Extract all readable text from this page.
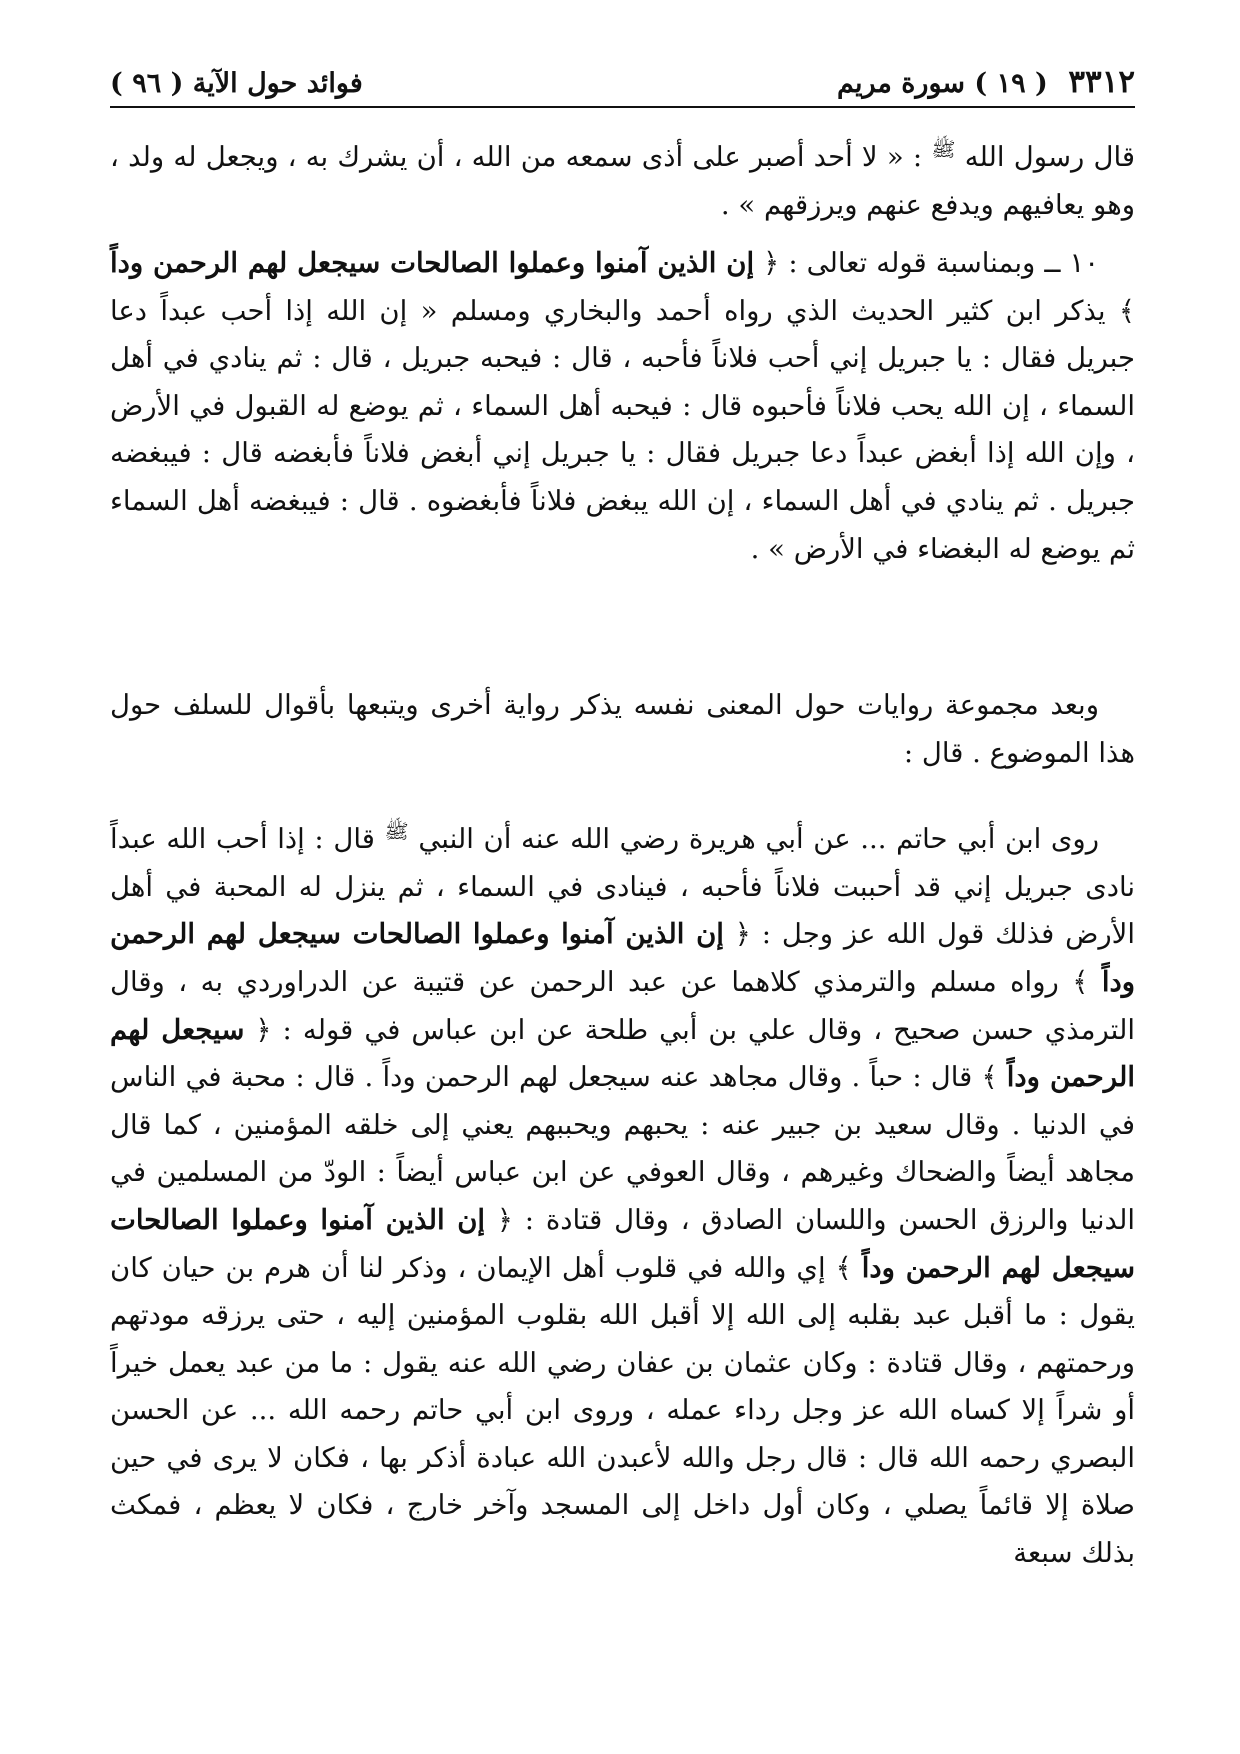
٣٣١٢ ( ١٩ ) سورة مريم
فوائد حول الآية ( ٩٦ )

قال رسول الله $^ﷺ$ : « لا أحد أصبر على أذى سمعه من الله ، أن يشرك به ، ويجعل له ولد ، وهو يعافيهم ويدفع عنهم ويرزقهم » .

١٠ ــ وبمناسبة قوله تعالى : ﴿ إن الذين آمنوا وعملوا الصالحات سيجعل لهم الرحمن وداً ﴾ يذكر ابن كثير الحديث الذي رواه أحمد والبخاري ومسلم « إن الله إذا أحب عبداً دعا جبريل فقال : يا جبريل إني أحب فلاناً فأحبه ، قال : فيحبه جبريل ، قال : ثم ينادي في أهل السماء ، إن الله يحب فلاناً فأحبوه قال : فيحبه أهل السماء ، ثم يوضع له القبول في الأرض ، وإن الله إذا أبغض عبداً دعا جبريل فقال : يا جبريل إني أبغض فلاناً فأبغضه قال : فيبغضه جبريل . ثم ينادي في أهل السماء ، إن الله يبغض فلاناً فأبغضوه . قال : فيبغضه أهل السماء ثم يوضع له البغضاء في الأرض » .

وبعد مجموعة روايات حول المعنى نفسه يذكر رواية أخرى ويتبعها بأقوال للسلف حول هذا الموضوع . قال :

روى ابن أبي حاتم ... عن أبي هريرة رضي الله عنه أن النبي $^ﷺ$ قال : إذا أحب الله عبداً نادى جبريل إني قد أحببت فلاناً فأحبه ، فينادى في السماء ، ثم ينزل له المحبة في أهل الأرض فذلك قول الله عز وجل : ﴿ إن الذين آمنوا وعملوا الصالحات سيجعل لهم الرحمن وداً ﴾ رواه مسلم والترمذي كلاهما عن عبد الرحمن عن قتيبة عن الدراوردي به ، وقال الترمذي حسن صحيح ، وقال علي بن أبي طلحة عن ابن عباس في قوله : ﴿ سيجعل لهم الرحمن وداً ﴾ قال : حباً . وقال مجاهد عنه سيجعل لهم الرحمن وداً . قال : محبة في الناس في الدنيا . وقال سعيد بن جبير عنه : يحبهم ويحببهم يعني إلى خلقه المؤمنين ، كما قال مجاهد أيضاً والضحاك وغيرهم ، وقال العوفي عن ابن عباس أيضاً : الودّ من المسلمين في الدنيا والرزق الحسن واللسان الصادق ، وقال قتادة : ﴿ إن الذين آمنوا وعملوا الصالحات سيجعل لهم الرحمن وداً ﴾ إي والله في قلوب أهل الإيمان ، وذكر لنا أن هرم بن حيان كان يقول : ما أقبل عبد بقلبه إلى الله إلا أقبل الله بقلوب المؤمنين إليه ، حتى يرزقه مودتهم ورحمتهم ، وقال قتادة : وكان عثمان بن عفان رضي الله عنه يقول : ما من عبد يعمل خيراً أو شراً إلا كساه الله عز وجل رداء عمله ، وروى ابن أبي حاتم رحمه الله ... عن الحسن البصري رحمه الله قال : قال رجل والله لأعبدن الله عبادة أذكر بها ، فكان لا يرى في حين صلاة إلا قائماً يصلي ، وكان أول داخل إلى المسجد وآخر خارج ، فكان لا يعظم ، فمكث بذلك سبعة
